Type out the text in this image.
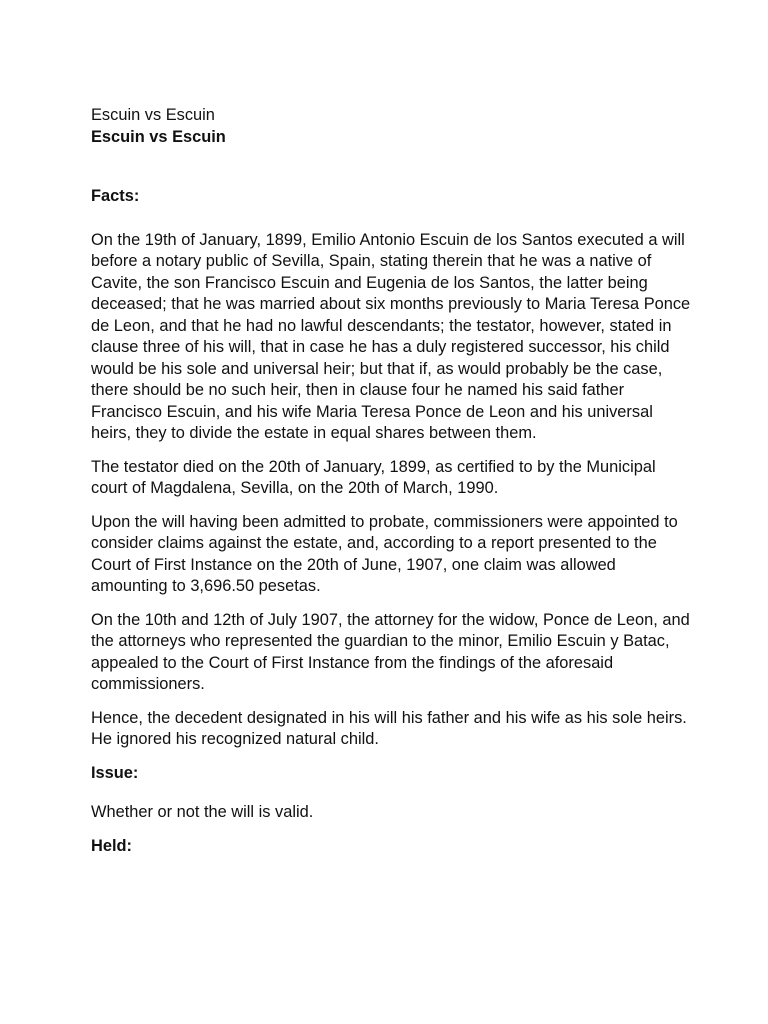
Escuin vs Escuin

Escuin vs Escuin

Facts:

On the 19th of January, 1899, Emilio Antonio Escuin de los Santos executed a will before a notary public of Sevilla, Spain, stating therein that he was a native of Cavite, the son Francisco Escuin and Eugenia de los Santos, the latter being deceased; that he was married about six months previously to Maria Teresa Ponce de Leon, and that he had no lawful descendants; the testator, however, stated in clause three of his will, that in case he has a duly registered successor, his child would be his sole and universal heir; but that if, as would probably be the case, there should be no such heir, then in clause four he named his said father Francisco Escuin, and his wife Maria Teresa Ponce de Leon and his universal heirs, they to divide the estate in equal shares between them.

The testator died on the 20th of January, 1899, as certified to by the Municipal court of Magdalena, Sevilla, on the 20th of March, 1990.

Upon the will having been admitted to probate, commissioners were appointed to consider claims against the estate, and, according to a report presented to the Court of First Instance on the 20th of June, 1907, one claim was allowed amounting to 3,696.50 pesetas.

On the 10th and 12th of July 1907, the attorney for the widow, Ponce de Leon, and the attorneys who represented the guardian to the minor, Emilio Escuin y Batac, appealed to the Court of First Instance from the findings of the aforesaid commissioners.

Hence, the decedent designated in his will his father and his wife as his sole heirs. He ignored his recognized natural child.

Issue:

Whether or not the will is valid.

Held:
